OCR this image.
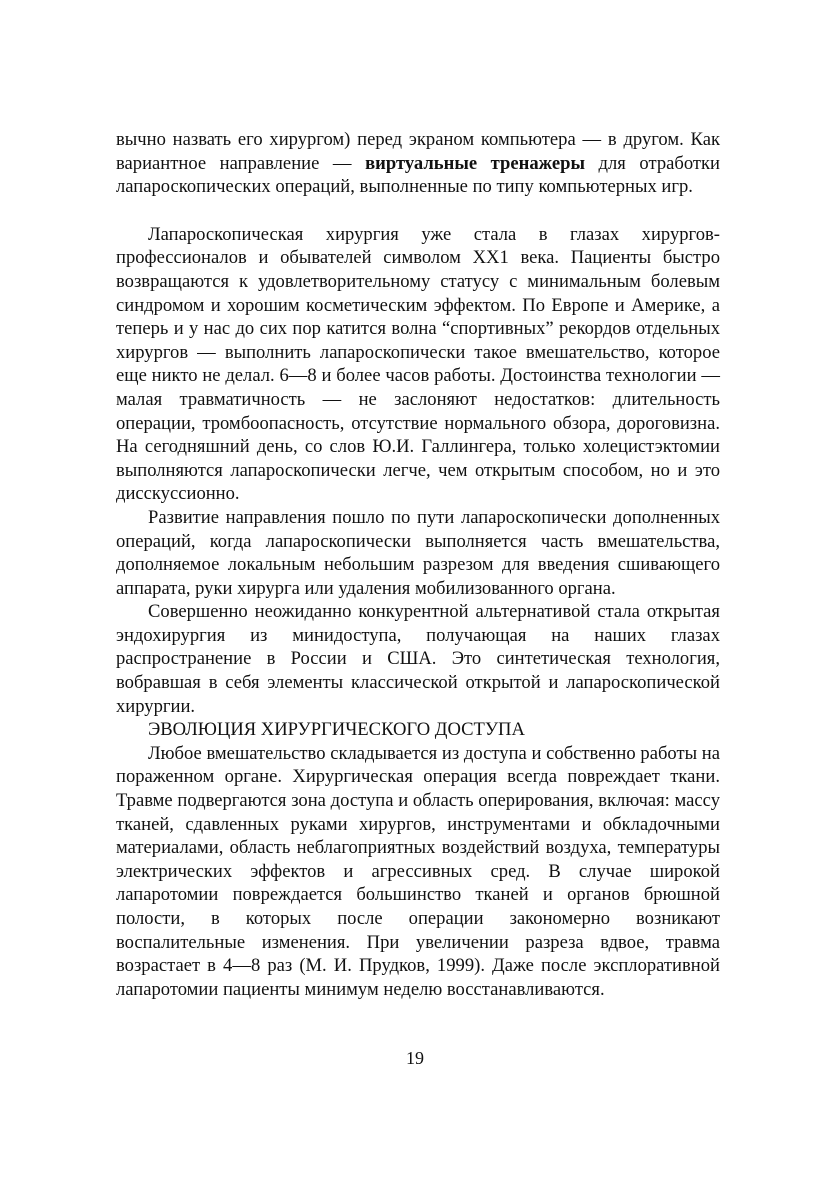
вычно назвать его хирургом) перед экраном компьютера — в другом. Как вариантное направление — виртуальные тренажеры для отработки лапароскопических операций, выполненные по типу компьютерных игр.

Лапароскопическая хирургия уже стала в глазах хирургов-профессионалов и обывателей символом XX1 века. Пациенты быстро возвращаются к удовлетворительному статусу с минимальным болевым синдромом и хорошим косметическим эффектом. По Европе и Америке, а теперь и у нас до сих пор катится волна “спортивных” рекордов отдельных хирургов — выполнить лапароскопически такое вмешательство, которое еще никто не делал. 6—8 и более часов работы. Достоинства технологии — малая травматичность — не заслоняют недостатков: длительность операции, тромбоопасность, отсутствие нормального обзора, дороговизна. На сегодняшний день, со слов Ю.И. Галлингера, только холецистэктомии выполняются лапароскопически легче, чем открытым способом, но и это дисскуссионно.

Развитие направления пошло по пути лапароскопически дополненных операций, когда лапароскопически выполняется часть вмешательства, дополняемое локальным небольшим разрезом для введения сшивающего аппарата, руки хирурга или удаления мобилизованного органа.

Совершенно неожиданно конкурентной альтернативой стала открытая эндохирургия из минидоступа, получающая на наших глазах распространение в России и США. Это синтетическая технология, вобравшая в себя элементы классической открытой и лапароскопической хирургии.

ЭВОЛЮЦИЯ ХИРУРГИЧЕСКОГО ДОСТУПА

Любое вмешательство складывается из доступа и собственно работы на пораженном органе. Хирургическая операция всегда повреждает ткани. Травме подвергаются зона доступа и область оперирования, включая: массу тканей, сдавленных руками хирургов, инструментами и обкладочными материалами, область неблагоприятных воздействий воздуха, температуры электрических эффектов и агрессивных сред. В случае широкой лапаротомии повреждается большинство тканей и органов брюшной полости, в которых после операции закономерно возникают воспалительные изменения. При увеличении разреза вдвое, травма возрастает в 4—8 раз (М. И. Прудков, 1999). Даже после эксплоративной лапаротомии пациенты минимум неделю восстанавливаются.

19
